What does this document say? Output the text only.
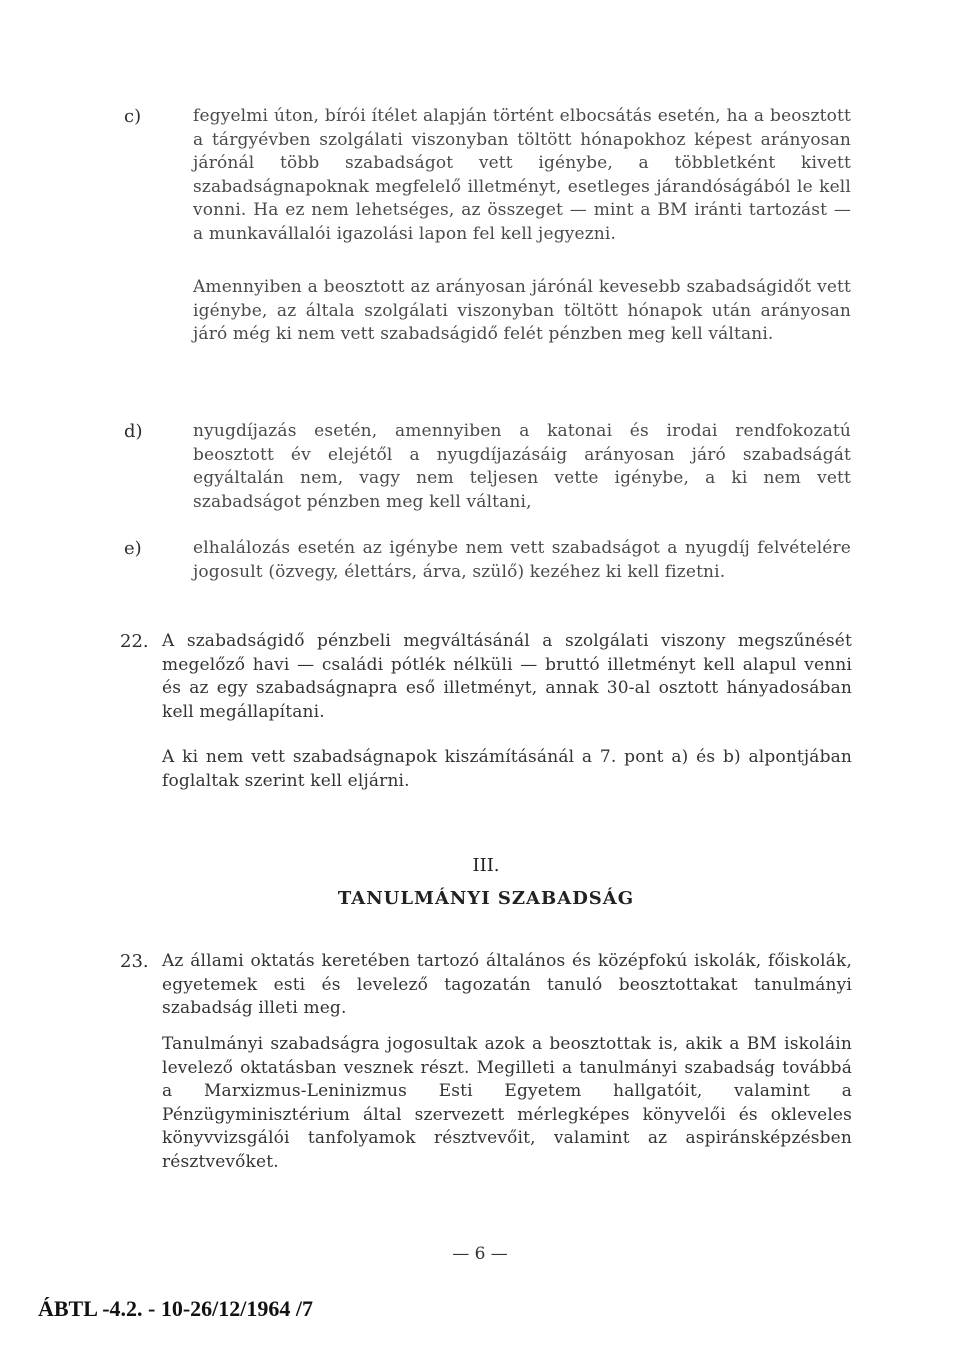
c)	fegyelmi úton, bírói ítélet alapján történt elbocsátás esetén, ha a beosztott a tárgyévben szolgálati viszonyban töltött hónapokhoz képest arányosan járónál több szabadságot vett igénybe, a többletként kivett szabadságnapoknak megfelelő illetményt, esetleges járandóságából le kell vonni. Ha ez nem lehetséges, az összeget — mint a BM iránti tartozást — a munkavállalói igazolási lapon fel kell jegyezni.
Amennyiben a beosztott az arányosan járónál kevesebb szabadságidőt vett igénybe, az általa szolgálati viszonyban töltött hónapok után arányosan járó még ki nem vett szabadságidő felét pénzben meg kell váltani.
d)	nyugdíjazás esetén, amennyiben a katonai és irodai rendfokozatú beosztott év elejétől a nyugdíjazásáig arányosan járó szabadságát egyáltalán nem, vagy nem teljesen vette igénybe, a ki nem vett szabadságot pénzben meg kell váltani,
e)	elhalálozás esetén az igénybe nem vett szabadságot a nyugdíj felvételére jogosult (özvegy, élettárs, árva, szülő) kezéhez ki kell fizetni.
22. A szabadságidő pénzbeli megváltásánál a szolgálati viszony megszűnését megelőző havi — családi pótlék nélküli — bruttó illetményt kell alapul venni és az egy szabadságnapra eső illetményt, annak 30-al osztott hányadosában kell megállapítani.
A ki nem vett szabadságnapok kiszámításánál a 7. pont a) és b) alpontjában foglaltak szerint kell eljárni.
III.
TANULMÁNYI SZABADSÁG
23. Az állami oktatás keretében tartozó általános és középfokú iskolák, főiskolák, egyetemek esti és levelező tagozatán tanuló beosztottakat tanulmányi szabadság illeti meg.
Tanulmányi szabadságra jogosultak azok a beosztottak is, akik a BM iskoláin levelező oktatásban vesznek részt. Megilleti a tanulmányi szabadság továbbá a Marxizmus-Leninizmus Esti Egyetem hallgatóit, valamint a Pénzügyminisztérium által szervezett mérlegképes könyvelői és okleveles könyvvizsgálói tanfolyamok résztvevőit, valamint az aspiránsképzésben résztvevőket.
— 6 —
ÁBTL -4.2. - 10-26/12/1964 /7
